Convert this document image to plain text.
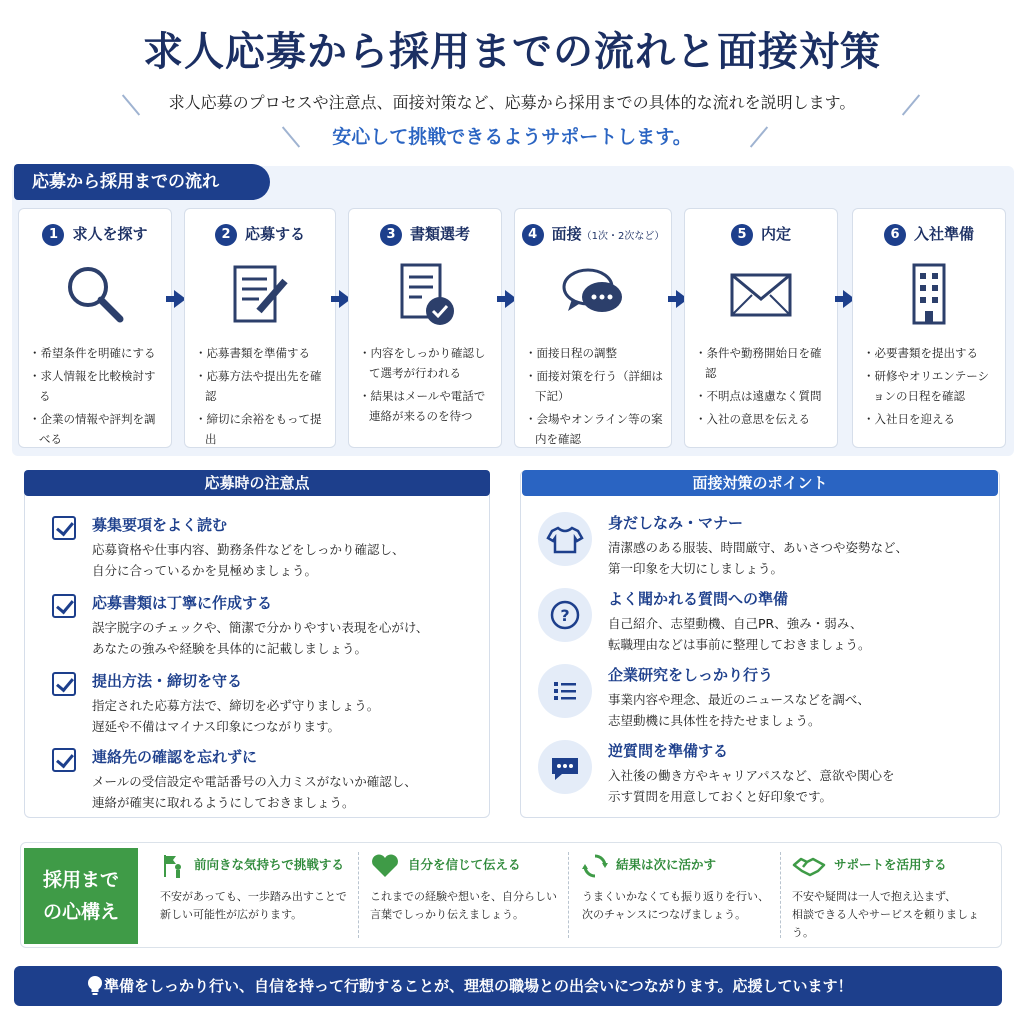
求人応募から採用までの流れと面接対策

求人応募のプロセスや注意点、面接対策など、応募から採用までの具体的な流れを説明します。

安心して挑戦できるようサポートします。

応募から採用までの流れ
1 求人を探す
・ 希望条件を明確にする
・ 求人情報を比較検討する
・ 企業の情報や評判を調べる
2 応募する
・ 応募書類を準備する
・ 応募方法や提出先を確認
・ 締切に余裕をもって提出
3 書類選考
・ 内容をしっかり確認して選考が行われる
・ 結果はメールや電話で連絡が来るのを待つ
4 面接（1次・2次など）
・ 面接日程の調整
・ 面接対策を行う（詳細は下記）
・ 会場やオンライン等の案内を確認
5 内定
・ 条件や勤務開始日を確認
・ 不明点は遠慮なく質問
・ 入社の意思を伝える
6 入社準備
・ 必要書類を提出する
・ 研修やオリエンテーションの日程を確認
・ 入社日を迎える
応募時の注意点
募集要項をよく読む
応募資格や仕事内容、勤務条件などをしっかり確認し、
自分に合っているかを見極めましょう。
応募書類は丁寧に作成する
誤字脱字のチェックや、簡潔で分かりやすい表現を心がけ、
あなたの強みや経験を具体的に記載しましょう。
提出方法・締切を守る
指定された応募方法で、締切を必ず守りましょう。
遅延や不備はマイナス印象につながります。
連絡先の確認を忘れずに
メールの受信設定や電話番号の入力ミスがないか確認し、
連絡が確実に取れるようにしておきましょう。
面接対策のポイント
身だしなみ・マナー
清潔感のある服装、時間厳守、あいさつや姿勢など、
第一印象を大切にしましょう。
?
よく聞かれる質問への準備
自己紹介、志望動機、自己PR、強み・弱み、
転職理由などは事前に整理しておきましょう。
企業研究をしっかり行う
事業内容や理念、最近のニュースなどを調べ、
志望動機に具体性を持たせましょう。
逆質問を準備する
入社後の働き方やキャリアパスなど、意欲や関心を
示す質問を用意しておくと好印象です。
採用まで
の心構え
前向きな気持ちで挑戦する
不安があっても、一歩踏み出すことで
新しい可能性が広がります。
自分を信じて伝える
これまでの経験や想いを、自分らしい
言葉でしっかり伝えましょう。
結果は次に活かす
うまくいかなくても振り返りを行い、
次のチャンスにつなげましょう。
サポートを活用する
不安や疑問は一人で抱え込まず、
相談できる人やサービスを頼りましょう。
準備をしっかり行い、自信を持って行動することが、理想の職場との出会いにつながります。応援しています！
